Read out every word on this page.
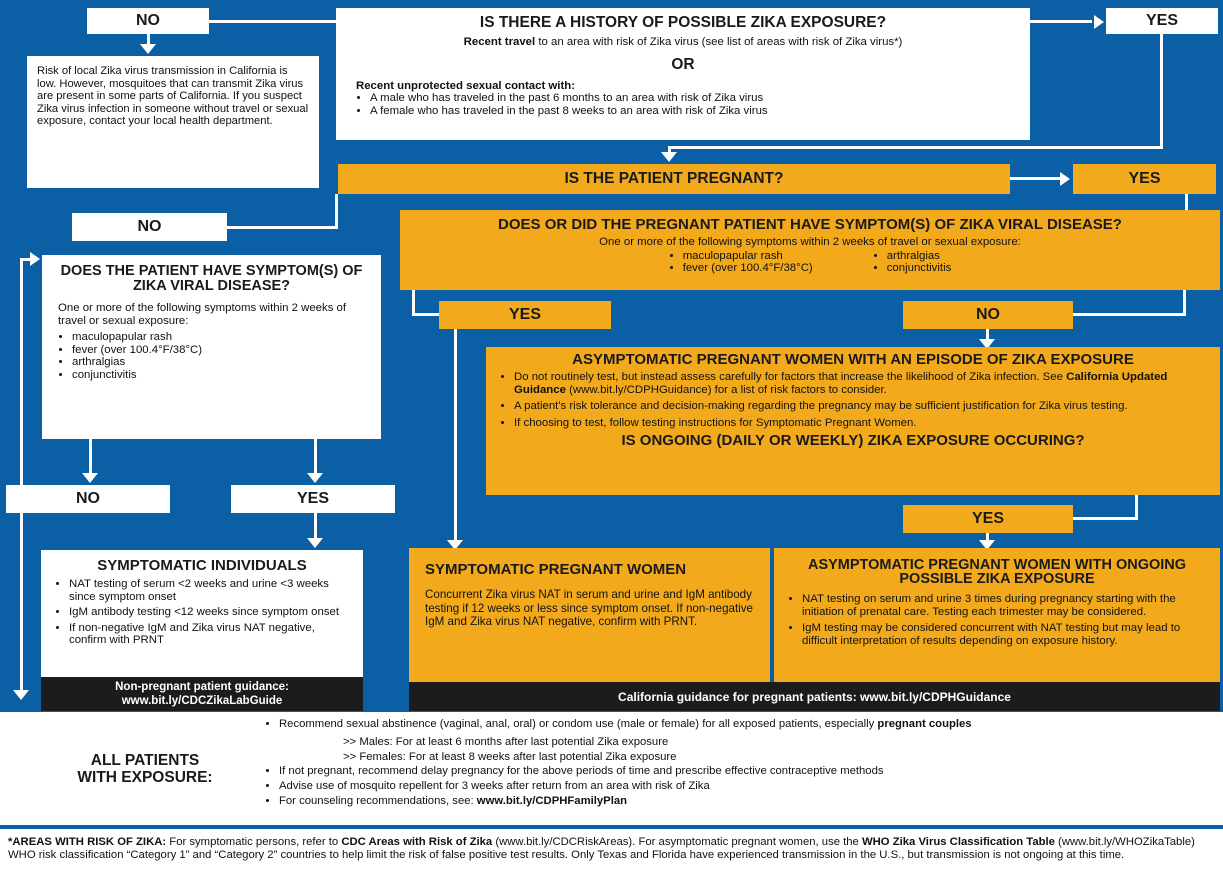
NO	YES
IS THERE A HISTORY OF POSSIBLE ZIKA EXPOSURE?
Recent travel to an area with risk of Zika virus (see list of areas with risk of Zika virus*)
OR
Recent unprotected sexual contact with:
• A male who has traveled in the past 6 months to an area with risk of Zika virus
• A female who has traveled in the past 8 weeks to an area with risk of Zika virus
Risk of local Zika virus transmission in California is low. However, mosquitoes that can transmit Zika virus are present in some parts of California. If you suspect Zika virus infection in someone without travel or sexual exposure, contact your local health department.
IS THE PATIENT PREGNANT?	YES
NO	DOES OR DID THE PREGNANT PATIENT HAVE SYMPTOM(S) OF ZIKA VIRAL DISEASE?
One or more of the following symptoms within 2 weeks of travel or sexual exposure:
• maculopapular rash
• fever (over 100.4°F/38°C)
• arthralgias
• conjunctivitis
YES	NO
DOES THE PATIENT HAVE SYMPTOM(S) OF ZIKA VIRAL DISEASE?
One or more of the following symptoms within 2 weeks of travel or sexual exposure:
• maculopapular rash
• fever (over 100.4°F/38°C)
• arthralgias
• conjunctivitis
NO	YES
ASYMPTOMATIC PREGNANT WOMEN WITH AN EPISODE OF ZIKA EXPOSURE
• Do not routinely test, but instead assess carefully for factors that increase the likelihood of Zika infection. See California Updated Guidance (www.bit.ly/CDPHGuidance) for a list of risk factors to consider.
• A patient's risk tolerance and decision-making regarding the pregnancy may be sufficient justification for Zika virus testing.
• If choosing to test, follow testing instructions for Symptomatic Pregnant Women.
IS ONGOING (DAILY OR WEEKLY) ZIKA EXPOSURE OCCURING?
YES
SYMPTOMATIC INDIVIDUALS
• NAT testing of serum <2 weeks and urine <3 weeks since symptom onset
• IgM antibody testing <12 weeks since symptom onset
• If non-negative IgM and Zika virus NAT negative, confirm with PRNT
Non-pregnant patient guidance:
www.bit.ly/CDCZikaLabGuide
SYMPTOMATIC PREGNANT WOMEN
Concurrent Zika virus NAT in serum and urine and IgM antibody testing if 12 weeks or less since symptom onset. If non-negative IgM and Zika virus NAT negative, confirm with PRNT.
ASYMPTOMATIC PREGNANT WOMEN WITH ONGOING POSSIBLE ZIKA EXPOSURE
• NAT testing on serum and urine 3 times during pregnancy starting with the initiation of prenatal care. Testing each trimester may be considered.
• IgM testing may be considered concurrent with NAT testing but may lead to difficult interpretation of results depending on exposure history.
California guidance for pregnant patients: www.bit.ly/CDPHGuidance
ALL PATIENTS
WITH EXPOSURE:
• Recommend sexual abstinence (vaginal, anal, oral) or condom use (male or female) for all exposed patients, especially pregnant couples
>> Males: For at least 6 months after last potential Zika exposure
>> Females: For at least 8 weeks after last potential Zika exposure
• If not pregnant, recommend delay pregnancy for the above periods of time and prescribe effective contraceptive methods
• Advise use of mosquito repellent for 3 weeks after return from an area with risk of Zika
• For counseling recommendations, see: www.bit.ly/CDPHFamilyPlan
*AREAS WITH RISK OF ZIKA: For symptomatic persons, refer to CDC Areas with Risk of Zika (www.bit.ly/CDCRiskAreas). For asymptomatic pregnant women, use the WHO Zika Virus Classification Table (www.bit.ly/WHOZikaTable) WHO risk classification “Category 1” and “Category 2” countries to help limit the risk of false positive test results. Only Texas and Florida have experienced transmission in the U.S., but transmission is not ongoing at this time.
